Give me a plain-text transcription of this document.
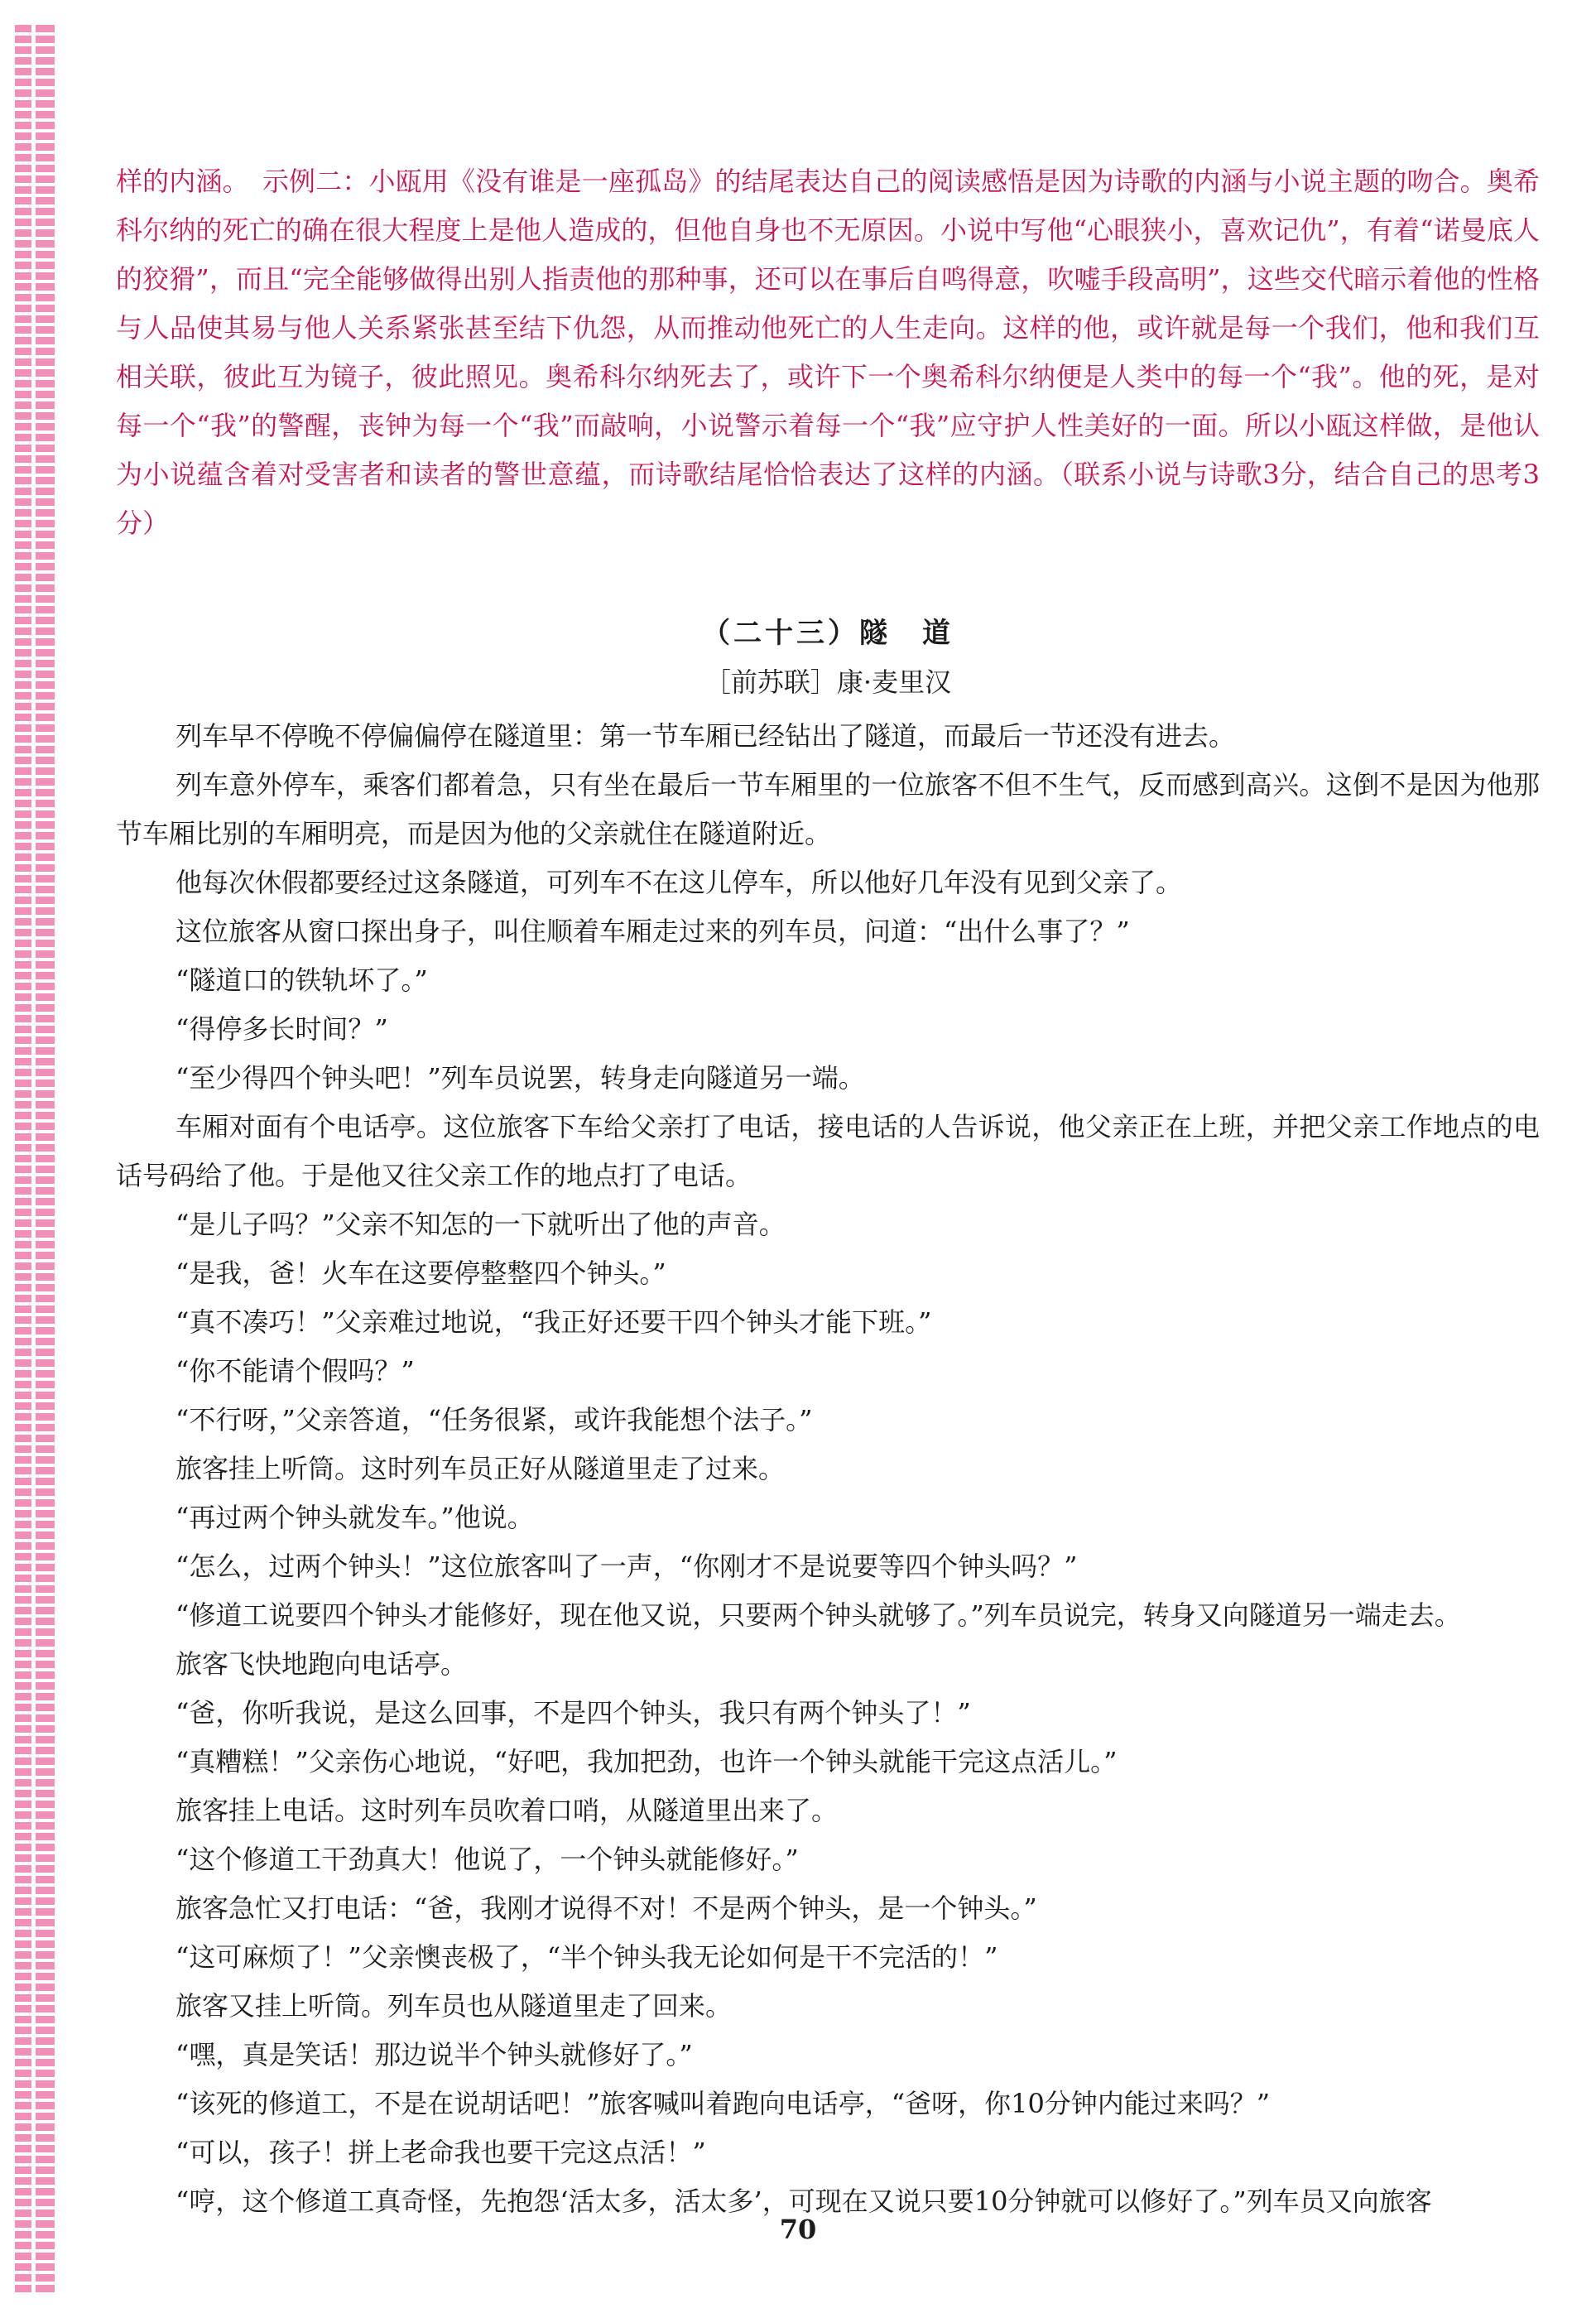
样的内涵。　示例二：小瓯用《没有谁是一座孤岛》的结尾表达自己的阅读感悟是因为诗歌的内涵与小说主题的吻合。奥希科尔纳的死亡的确在很大程度上是他人造成的，但他自身也不无原因。小说中写他“心眼狭小，喜欢记仇”，有着“诺曼底人的狡猾”，而且“完全能够做得出别人指责他的那种事，还可以在事后自鸣得意，吹嘘手段高明”，这些交代暗示着他的性格与人品使其易与他人关系紧张甚至结下仇怨，从而推动他死亡的人生走向。这样的他，或许就是每一个我们，他和我们互相关联，彼此互为镜子，彼此照见。奥希科尔纳死去了，或许下一个奥希科尔纳便是人类中的每一个“我”。他的死，是对每一个“我”的警醒，丧钟为每一个“我”而敲响，小说警示着每一个“我”应守护人性美好的一面。所以小瓯这样做，是他认为小说蕴含着对受害者和读者的警世意蕴，而诗歌结尾恰恰表达了这样的内涵。（联系小说与诗歌3分，结合自己的思考3分）

（二十三）隧　道
［前苏联］康·麦里汉

列车早不停晚不停偏偏停在隧道里：第一节车厢已经钻出了隧道，而最后一节还没有进去。

列车意外停车，乘客们都着急，只有坐在最后一节车厢里的一位旅客不但不生气，反而感到高兴。这倒不是因为他那节车厢比别的车厢明亮，而是因为他的父亲就住在隧道附近。

他每次休假都要经过这条隧道，可列车不在这儿停车，所以他好几年没有见到父亲了。

这位旅客从窗口探出身子，叫住顺着车厢走过来的列车员，问道：“出什么事了？”

“隧道口的铁轨坏了。”

“得停多长时间？”

“至少得四个钟头吧！”列车员说罢，转身走向隧道另一端。

车厢对面有个电话亭。这位旅客下车给父亲打了电话，接电话的人告诉说，他父亲正在上班，并把父亲工作地点的电话号码给了他。于是他又往父亲工作的地点打了电话。

“是儿子吗？”父亲不知怎的一下就听出了他的声音。

“是我，爸！火车在这要停整整四个钟头。”

“真不凑巧！”父亲难过地说，“我正好还要干四个钟头才能下班。”

“你不能请个假吗？”

“不行呀，”父亲答道，“任务很紧，或许我能想个法子。”

旅客挂上听筒。这时列车员正好从隧道里走了过来。

“再过两个钟头就发车。”他说。

“怎么，过两个钟头！”这位旅客叫了一声，“你刚才不是说要等四个钟头吗？”

“修道工说要四个钟头才能修好，现在他又说，只要两个钟头就够了。”列车员说完，转身又向隧道另一端走去。

旅客飞快地跑向电话亭。

“爸，你听我说，是这么回事，不是四个钟头，我只有两个钟头了！”

“真糟糕！”父亲伤心地说，“好吧，我加把劲，也许一个钟头就能干完这点活儿。”

旅客挂上电话。这时列车员吹着口哨，从隧道里出来了。

“这个修道工干劲真大！他说了，一个钟头就能修好。”

旅客急忙又打电话：“爸，我刚才说得不对！不是两个钟头，是一个钟头。”

“这可麻烦了！”父亲懊丧极了，“半个钟头我无论如何是干不完活的！”

旅客又挂上听筒。列车员也从隧道里走了回来。

“嘿，真是笑话！那边说半个钟头就修好了。”

“该死的修道工，不是在说胡话吧！”旅客喊叫着跑向电话亭，“爸呀，你10分钟内能过来吗？”

“可以，孩子！拼上老命我也要干完这点活！”

“哼，这个修道工真奇怪，先抱怨‘活太多，活太多’，可现在又说只要10分钟就可以修好了。”列车员又向旅客

70
